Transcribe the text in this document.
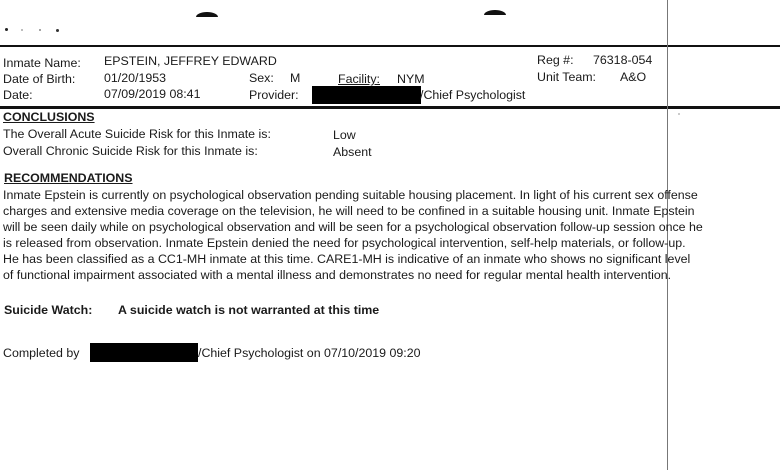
Inmate Name: EPSTEIN, JEFFREY EDWARD
Date of Birth: 01/20/1953
Date:	07/09/2019 08:41
Sex: M	Facility: NYM
Provider:	/Chief Psychologist
Reg #: 76318-054
Unit Team: A&O
CONCLUSIONS
The Overall Acute Suicide Risk for this Inmate is:	Low
Overall Chronic Suicide Risk for this Inmate is:	Absent
RECOMMENDATIONS
Inmate Epstein is currently on psychological observation pending suitable housing placement. In light of his current sex offense
charges and extensive media coverage on the television, he will need to be confined in a suitable housing unit. Inmate Epstein
will be seen daily while on psychological observation and will be seen for a psychological observation follow-up session once he
is released from observation. Inmate Epstein denied the need for psychological intervention, self-help materials, or follow-up.
He has been classified as a CC1-MH inmate at this time. CARE1-MH is indicative of an inmate who shows no significant level
of functional impairment associated with a mental illness and demonstrates no need for regular mental health intervention.
Suicide Watch: A suicide watch is not warranted at this time
Completed by	/Chief Psychologist on 07/10/2019 09:20
